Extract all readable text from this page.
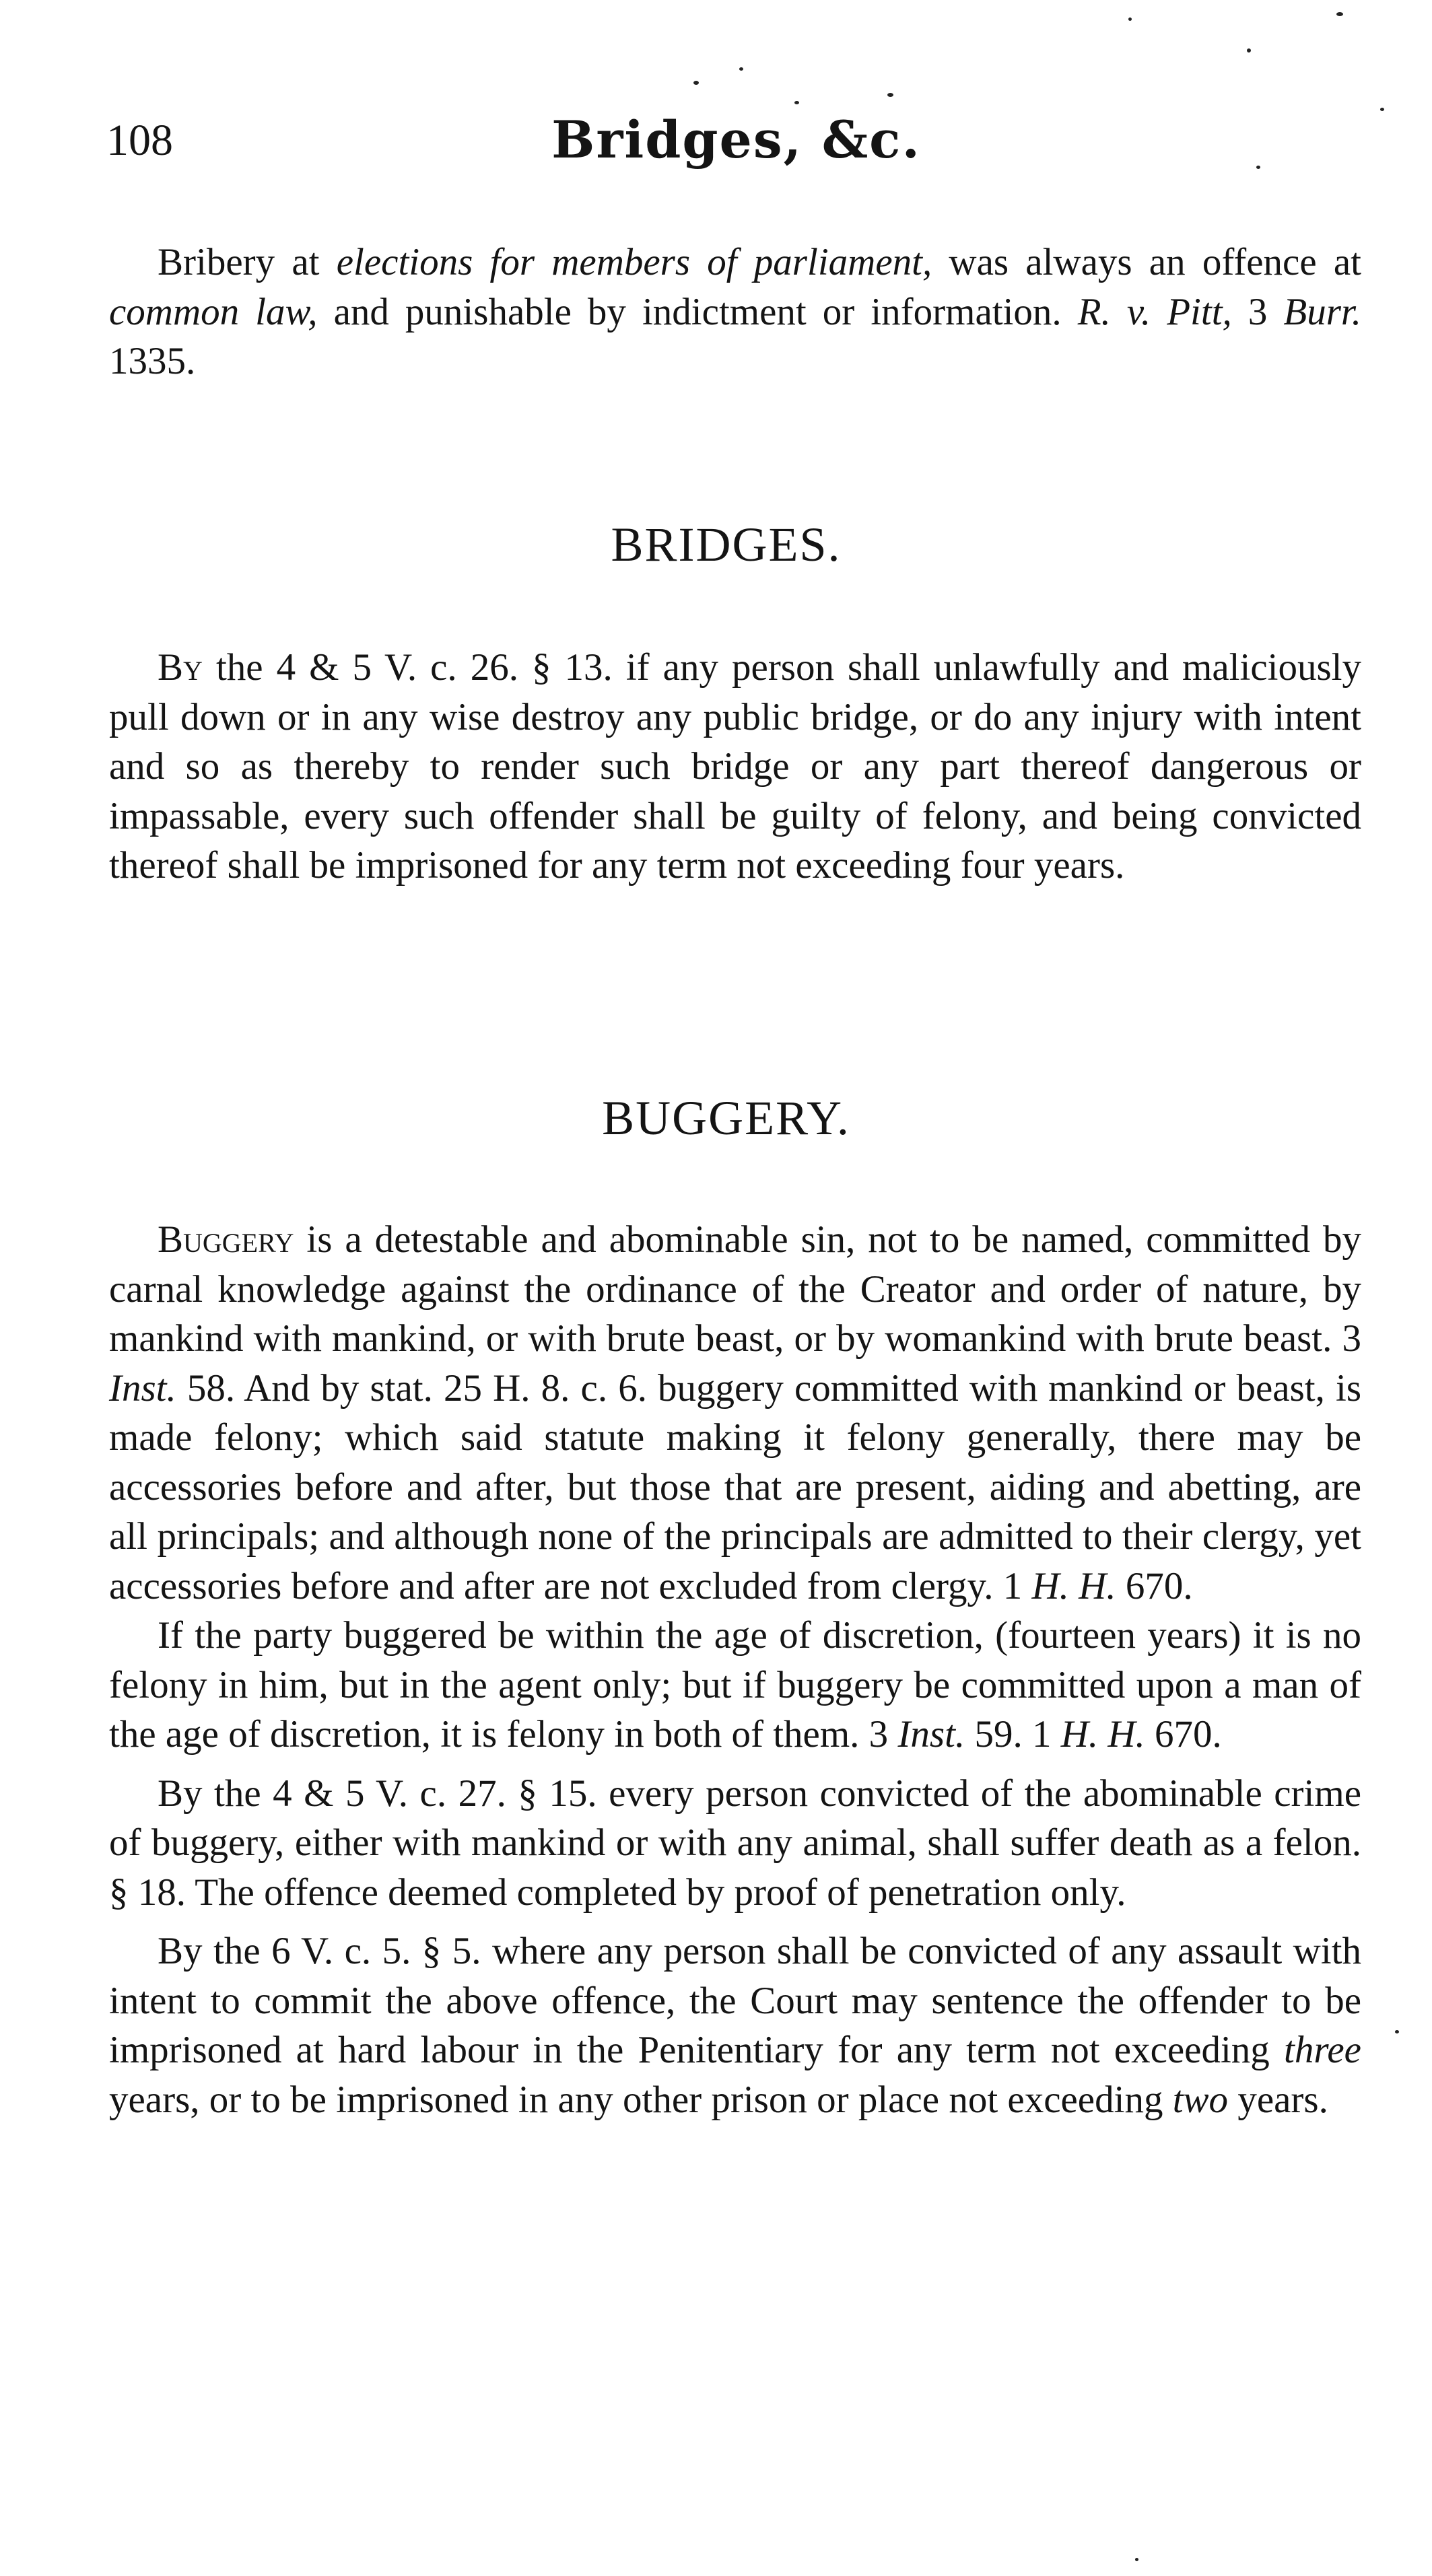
108	Bridges, &c.

Bribery at elections for members of parliament, was always an offence at common law, and punishable by indictment or information. R. v. Pitt, 3 Burr. 1335.

BRIDGES.

By the 4 & 5 V. c. 26. § 13. if any person shall unlawfully and maliciously pull down or in any wise destroy any public bridge, or do any injury with intent and so as thereby to render such bridge or any part thereof dangerous or impassable, every such offender shall be guilty of felony, and being convicted thereof shall be imprisoned for any term not exceeding four years.

BUGGERY.

Buggery is a detestable and abominable sin, not to be named, committed by carnal knowledge against the ordinance of the Creator and order of nature, by mankind with mankind, or with brute beast, or by womankind with brute beast. 3 Inst. 58. And by stat. 25 H. 8. c. 6. buggery committed with mankind or beast, is made felony; which said statute making it felony generally, there may be accessories before and after, but those that are present, aiding and abetting, are all principals; and although none of the principals are admitted to their clergy, yet accessories before and after are not excluded from clergy. 1 H. H. 670.

If the party buggered be within the age of discretion, (fourteen years) it is no felony in him, but in the agent only; but if buggery be committed upon a man of the age of discretion, it is felony in both of them. 3 Inst. 59. 1 H. H. 670.

By the 4 & 5 V. c. 27. § 15. every person convicted of the abominable crime of buggery, either with mankind or with any animal, shall suffer death as a felon. § 18. The offence deemed completed by proof of penetration only.

By the 6 V. c. 5. § 5. where any person shall be convicted of any assault with intent to commit the above offence, the Court may sentence the offender to be imprisoned at hard labour in the Penitentiary for any term not exceeding three years, or to be imprisoned in any other prison or place not exceeding two years.
